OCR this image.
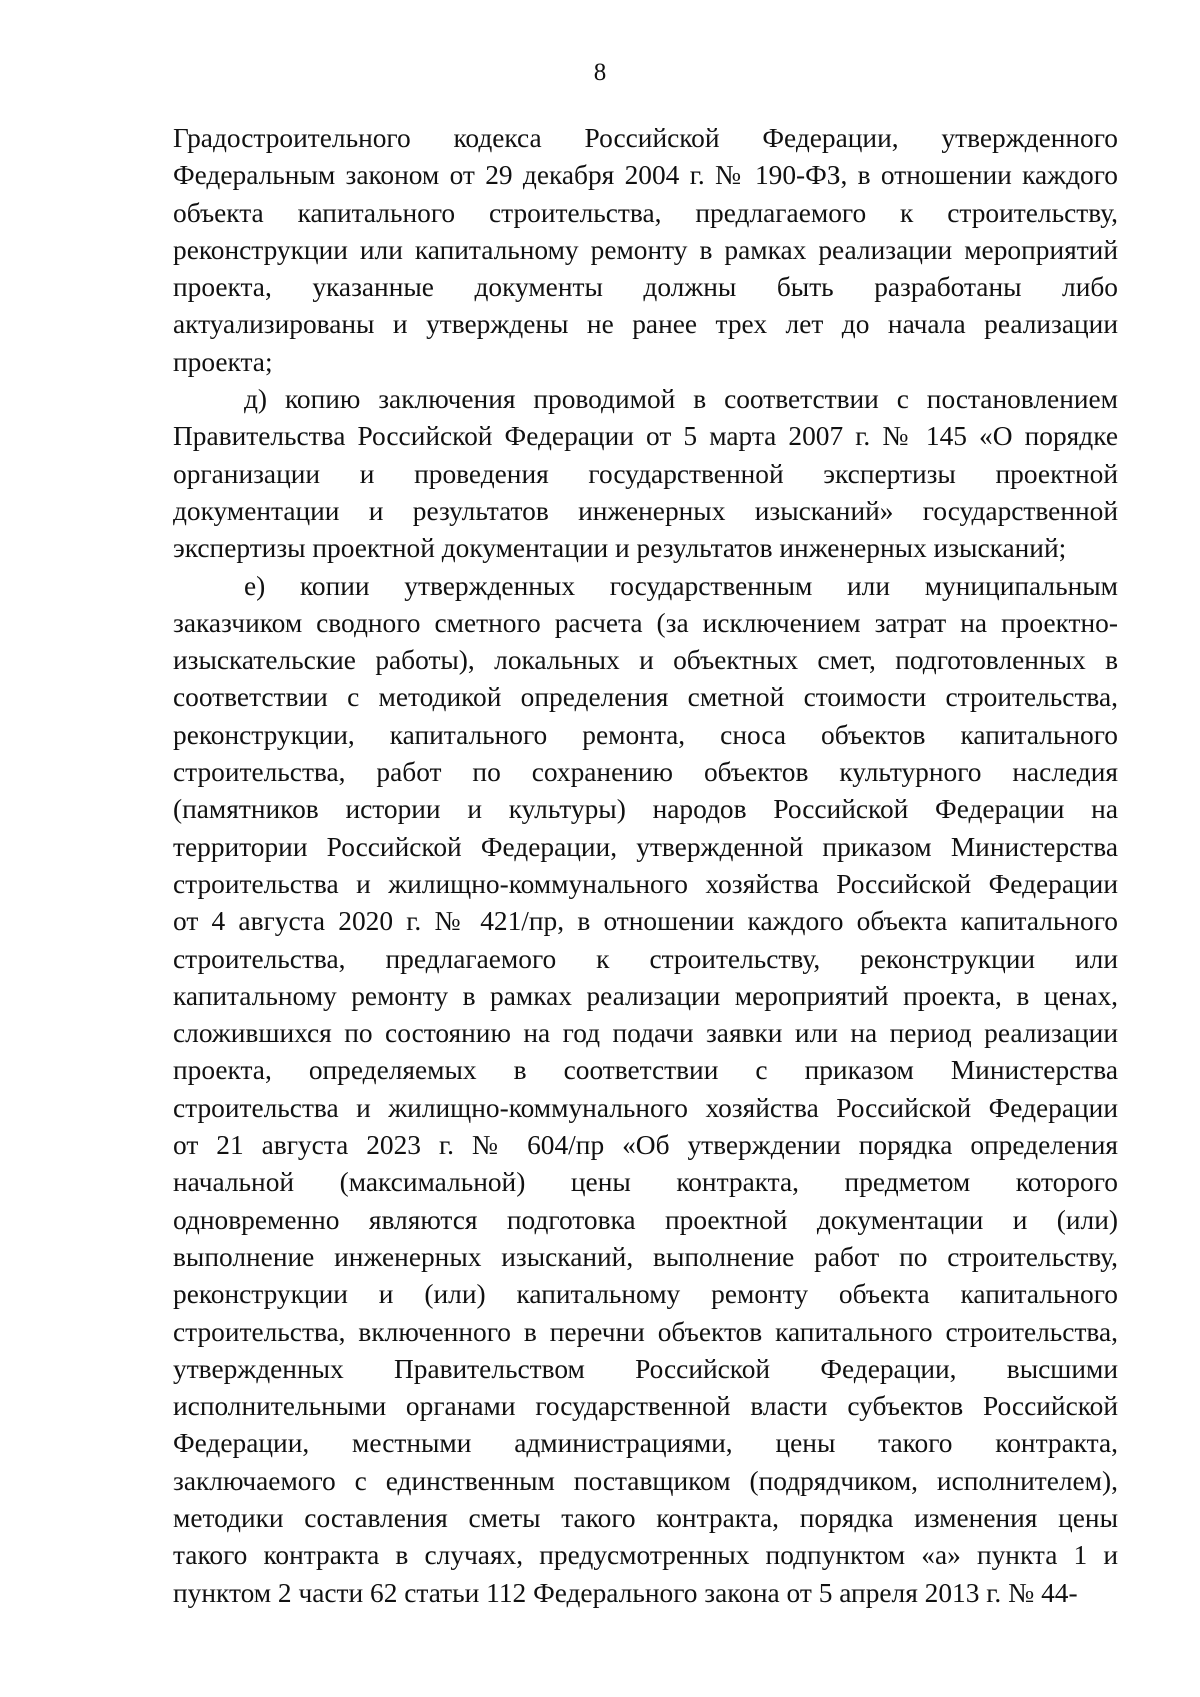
8
Градостроительного кодекса Российской Федерации, утвержденного
Федеральным законом от 29 декабря 2004 г. № 190-ФЗ, в отношении каждого
объекта капитального строительства, предлагаемого к строительству,
реконструкции или капитальному ремонту в рамках реализации мероприятий
проекта, указанные документы должны быть разработаны либо
актуализированы и утверждены не ранее трех лет до начала реализации
проекта;
д) копию заключения проводимой в соответствии с постановлением
Правительства Российской Федерации от 5 марта 2007 г. № 145 «О порядке
организации и проведения государственной экспертизы проектной
документации и результатов инженерных изысканий» государственной
экспертизы проектной документации и результатов инженерных изысканий;
е) копии утвержденных государственным или муниципальным
заказчиком сводного сметного расчета (за исключением затрат на проектно-
изыскательские работы), локальных и объектных смет, подготовленных в
соответствии с методикой определения сметной стоимости строительства,
реконструкции, капитального ремонта, сноса объектов капитального
строительства, работ по сохранению объектов культурного наследия
(памятников истории и культуры) народов Российской Федерации на
территории Российской Федерации, утвержденной приказом Министерства
строительства и жилищно-коммунального хозяйства Российской Федерации
от 4 августа 2020 г. № 421/пр, в отношении каждого объекта капитального
строительства, предлагаемого к строительству, реконструкции или
капитальному ремонту в рамках реализации мероприятий проекта, в ценах,
сложившихся по состоянию на год подачи заявки или на период реализации
проекта, определяемых в соответствии с приказом Министерства
строительства и жилищно-коммунального хозяйства Российской Федерации
от 21 августа 2023 г. № 604/пр «Об утверждении порядка определения
начальной (максимальной) цены контракта, предметом которого
одновременно являются подготовка проектной документации и (или)
выполнение инженерных изысканий, выполнение работ по строительству,
реконструкции и (или) капитальному ремонту объекта капитального
строительства, включенного в перечни объектов капитального строительства,
утвержденных Правительством Российской Федерации, высшими
исполнительными органами государственной власти субъектов Российской
Федерации, местными администрациями, цены такого контракта,
заключаемого с единственным поставщиком (подрядчиком, исполнителем),
методики составления сметы такого контракта, порядка изменения цены
такого контракта в случаях, предусмотренных подпунктом «а» пункта 1 и
пунктом 2 части 62 статьи 112 Федерального закона от 5 апреля 2013 г. № 44-
